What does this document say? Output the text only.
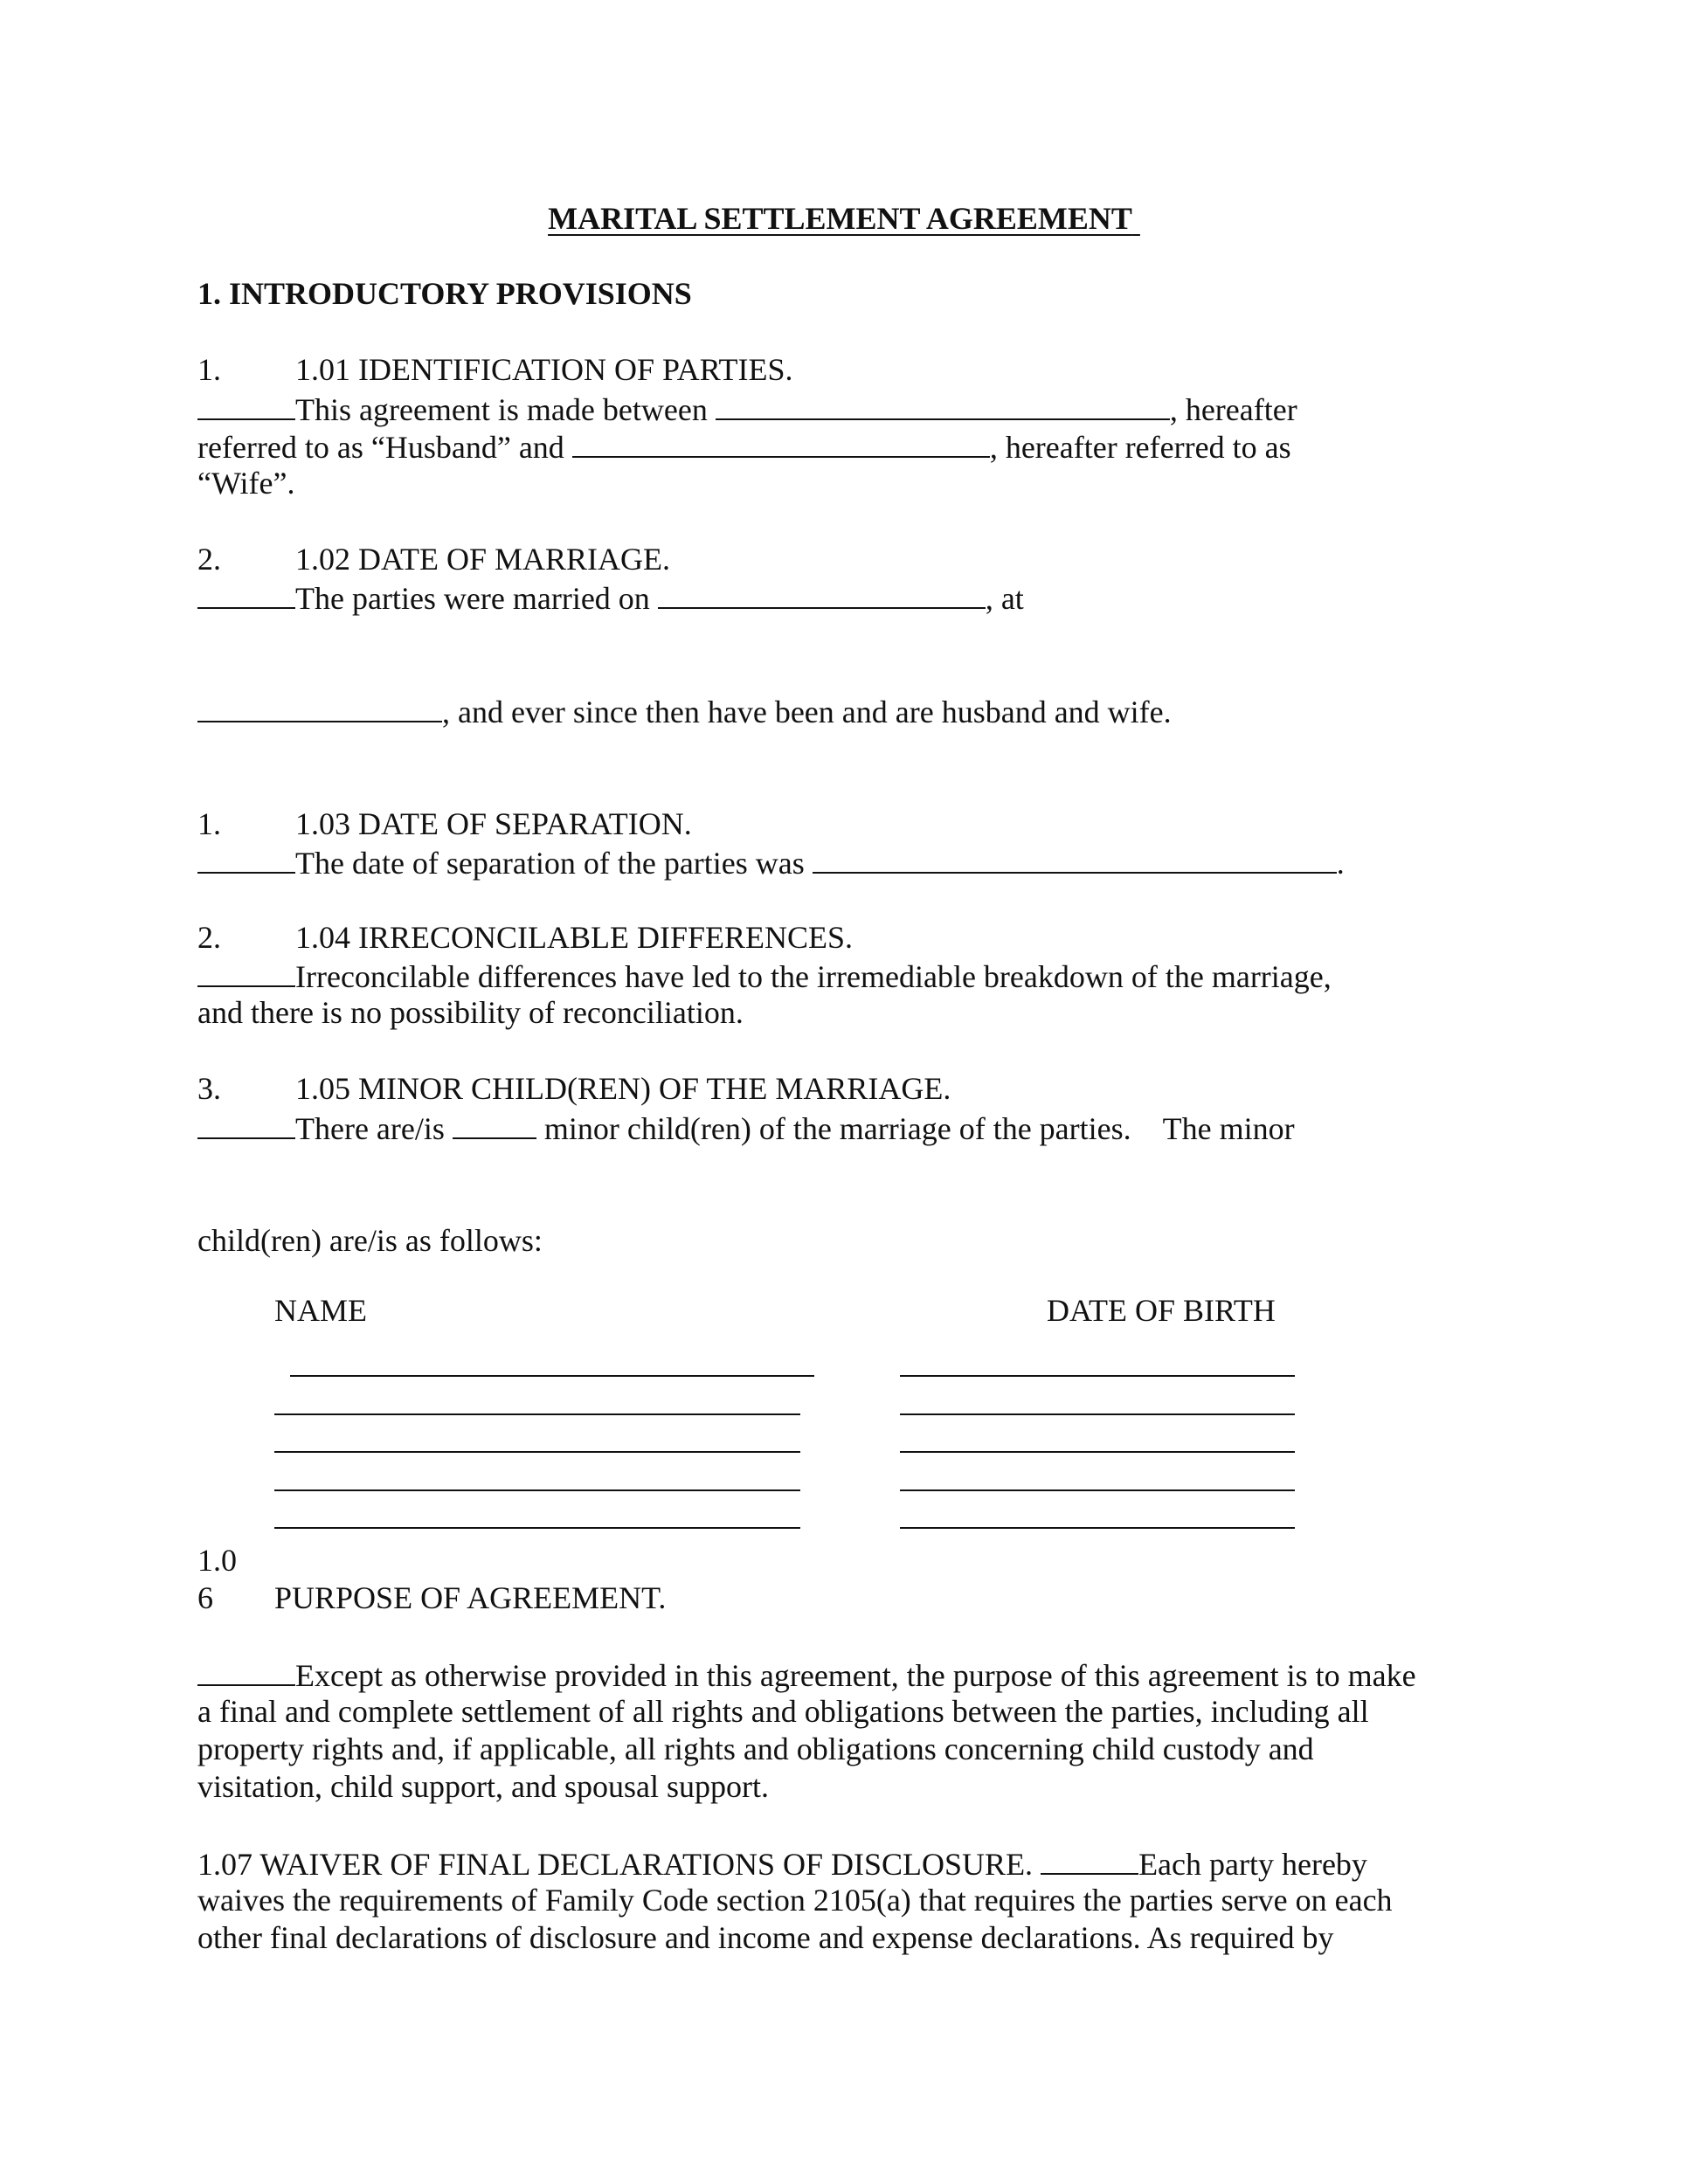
MARITAL SETTLEMENT AGREEMENT
1. INTRODUCTORY PROVISIONS
1. 1.01 IDENTIFICATION OF PARTIES.
This agreement is made between	, hereafter
referred to as “Husband” and	, hereafter referred to as
“Wife”.
2. 1.02 DATE OF MARRIAGE.
The parties were married on	, at
, and ever since then have been and are husband and wife.
1. 1.03 DATE OF SEPARATION.
The date of separation of the parties was	.
2. 1.04 IRRECONCILABLE DIFFERENCES.
Irreconcilable differences have led to the irremediable breakdown of the marriage,
and there is no possibility of reconciliation.
3. 1.05 MINOR CHILD(REN) OF THE MARRIAGE.
There are/is	minor child(ren) of the marriage of the parties. The minor
child(ren) are/is as follows:
NAME	DATE OF BIRTH
1.0
6 PURPOSE OF AGREEMENT.
Except as otherwise provided in this agreement, the purpose of this agreement is to make
a final and complete settlement of all rights and obligations between the parties, including all
property rights and, if applicable, all rights and obligations concerning child custody and
visitation, child support, and spousal support.
1.07 WAIVER OF FINAL DECLARATIONS OF DISCLOSURE.	Each party hereby
waives the requirements of Family Code section 2105(a) that requires the parties serve on each
other final declarations of disclosure and income and expense declarations. As required by
